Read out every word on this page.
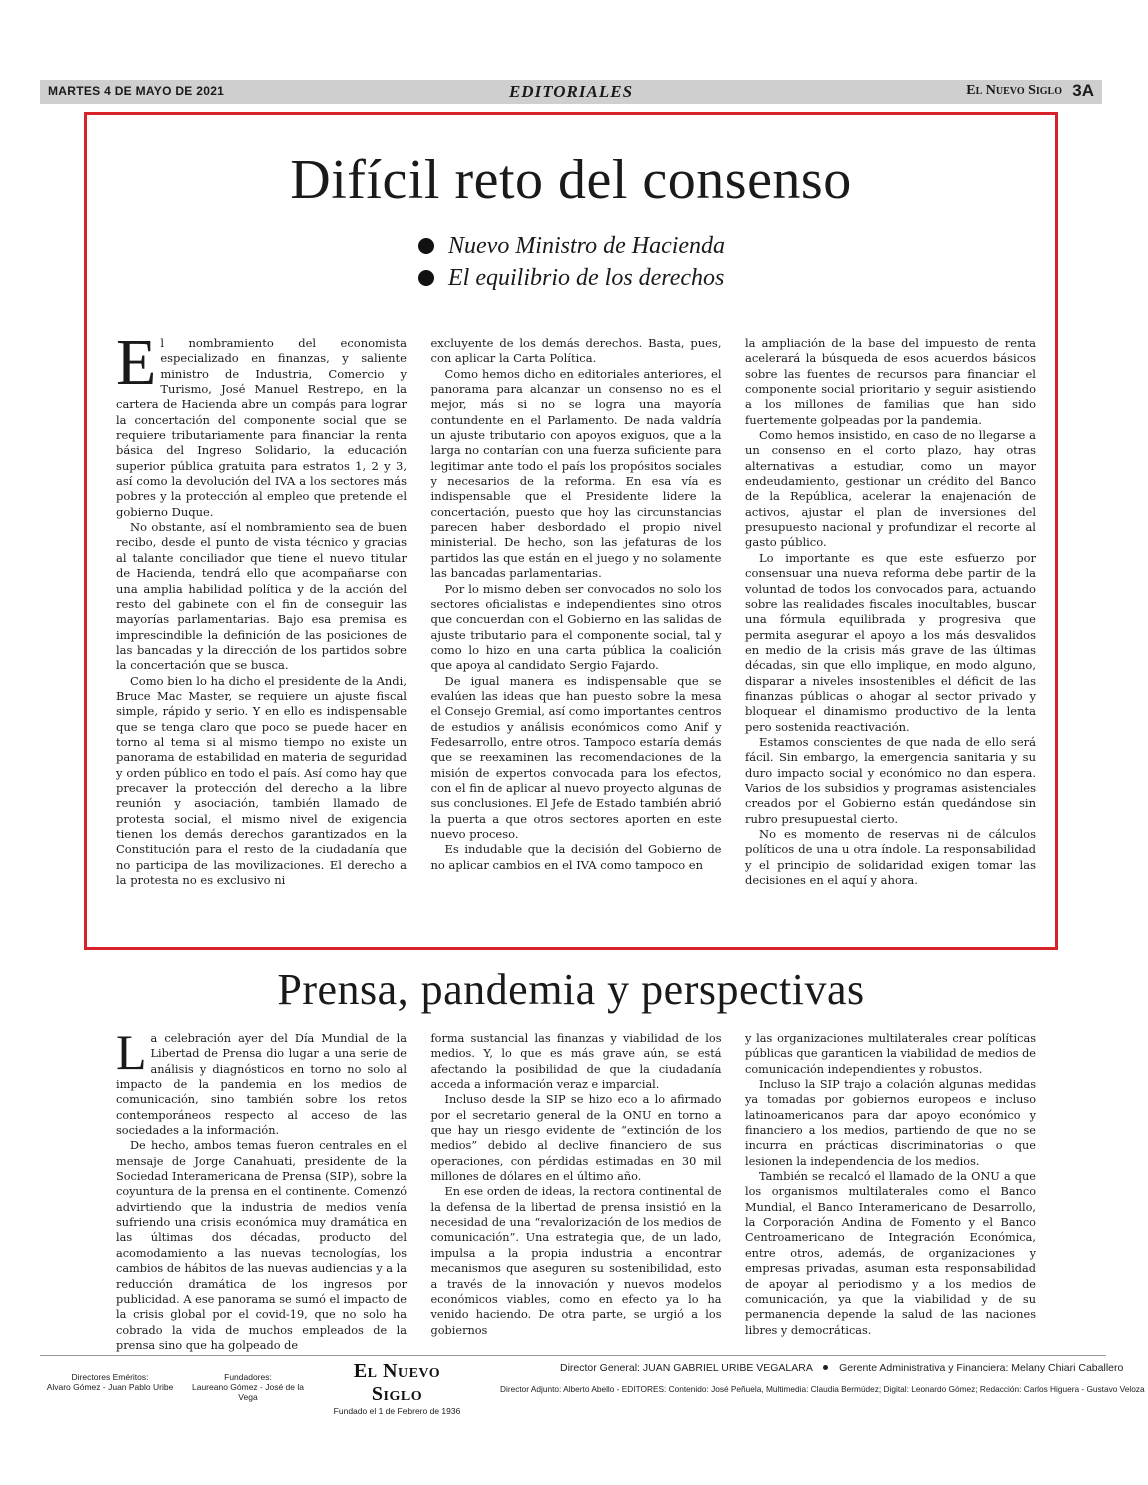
MARTES 4 DE MAYO DE 2021	EDITORIALES	El Nuevo Siglo 3A
Difícil reto del consenso
Nuevo Ministro de Hacienda
El equilibrio de los derechos
E l nombramiento del economista especializado en finanzas, y saliente ministro de Industria, Comercio y Turismo, José Manuel Restrepo, en la cartera de Hacienda abre un compás para lograr la concertación del componente social que se requiere tributariamente para financiar la renta básica del Ingreso Solidario, la educación superior pública gratuita para estratos 1, 2 y 3, así como la devolución del IVA a los sectores más pobres y la protección al empleo que pretende el gobierno Duque.

No obstante, así el nombramiento sea de buen recibo, desde el punto de vista técnico y gracias al talante conciliador que tiene el nuevo titular de Hacienda, tendrá ello que acompañarse con una amplia habilidad política y de la acción del resto del gabinete con el fin de conseguir las mayorías parlamentarias. Bajo esa premisa es imprescindible la definición de las posiciones de las bancadas y la dirección de los partidos sobre la concertación que se busca.

Como bien lo ha dicho el presidente de la Andi, Bruce Mac Master, se requiere un ajuste fiscal simple, rápido y serio. Y en ello es indispensable que se tenga claro que poco se puede hacer en torno al tema si al mismo tiempo no existe un panorama de estabilidad en materia de seguridad y orden público en todo el país. Así como hay que precaver la protección del derecho a la libre reunión y asociación, también llamado de protesta social, el mismo nivel de exigencia tienen los demás derechos garantizados en la Constitución para el resto de la ciudadanía que no participa de las movilizaciones. El derecho a la protesta no es exclusivo ni

excluyente de los demás derechos. Basta, pues, con aplicar la Carta Política.

Como hemos dicho en editoriales anteriores, el panorama para alcanzar un consenso no es el mejor, más si no se logra una mayoría contundente en el Parlamento. De nada valdría un ajuste tributario con apoyos exiguos, que a la larga no contarían con una fuerza suficiente para legitimar ante todo el país los propósitos sociales y necesarios de la reforma. En esa vía es indispensable que el Presidente lidere la concertación, puesto que hoy las circunstancias parecen haber desbordado el propio nivel ministerial. De hecho, son las jefaturas de los partidos las que están en el juego y no solamente las bancadas parlamentarias.

Por lo mismo deben ser convocados no solo los sectores oficialistas e independientes sino otros que concuerdan con el Gobierno en las salidas de ajuste tributario para el componente social, tal y como lo hizo en una carta pública la coalición que apoya al candidato Sergio Fajardo.

De igual manera es indispensable que se evalúen las ideas que han puesto sobre la mesa el Consejo Gremial, así como importantes centros de estudios y análisis económicos como Anif y Fedesarrollo, entre otros. Tampoco estaría demás que se reexaminen las recomendaciones de la misión de expertos convocada para los efectos, con el fin de aplicar al nuevo proyecto algunas de sus conclusiones. El Jefe de Estado también abrió la puerta a que otros sectores aporten en este nuevo proceso.

Es indudable que la decisión del Gobierno de no aplicar cambios en el IVA como tampoco en

la ampliación de la base del impuesto de renta acelerará la búsqueda de esos acuerdos básicos sobre las fuentes de recursos para financiar el componente social prioritario y seguir asistiendo a los millones de familias que han sido fuertemente golpeadas por la pandemia.

Como hemos insistido, en caso de no llegarse a un consenso en el corto plazo, hay otras alternativas a estudiar, como un mayor endeudamiento, gestionar un crédito del Banco de la República, acelerar la enajenación de activos, ajustar el plan de inversiones del presupuesto nacional y profundizar el recorte al gasto público.

Lo importante es que este esfuerzo por consensuar una nueva reforma debe partir de la voluntad de todos los convocados para, actuando sobre las realidades fiscales inocultables, buscar una fórmula equilibrada y progresiva que permita asegurar el apoyo a los más desvalidos en medio de la crisis más grave de las últimas décadas, sin que ello implique, en modo alguno, disparar a niveles insostenibles el déficit de las finanzas públicas o ahogar al sector privado y bloquear el dinamismo productivo de la lenta pero sostenida reactivación.

Estamos conscientes de que nada de ello será fácil. Sin embargo, la emergencia sanitaria y su duro impacto social y económico no dan espera. Varios de los subsidios y programas asistenciales creados por el Gobierno están quedándose sin rubro presupuestal cierto.

No es momento de reservas ni de cálculos políticos de una u otra índole. La responsabilidad y el principio de solidaridad exigen tomar las decisiones en el aquí y ahora.

Prensa, pandemia y perspectivas
L a celebración ayer del Día Mundial de la Libertad de Prensa dio lugar a una serie de análisis y diagnósticos en torno no solo al impacto de la pandemia en los medios de comunicación, sino también sobre los retos contemporáneos respecto al acceso de las sociedades a la información.

De hecho, ambos temas fueron centrales en el mensaje de Jorge Canahuati, presidente de la Sociedad Interamericana de Prensa (SIP), sobre la coyuntura de la prensa en el continente. Comenzó advirtiendo que la industria de medios venía sufriendo una crisis económica muy dramática en las últimas dos décadas, producto del acomodamiento a las nuevas tecnologías, los cambios de hábitos de las nuevas audiencias y a la reducción dramática de los ingresos por publicidad. A ese panorama se sumó el impacto de la crisis global por el covid-19, que no solo ha cobrado la vida de muchos empleados de la prensa sino que ha golpeado de

forma sustancial las finanzas y viabilidad de los medios. Y, lo que es más grave aún, se está afectando la posibilidad de que la ciudadanía acceda a información veraz e imparcial.

Incluso desde la SIP se hizo eco a lo afirmado por el secretario general de la ONU en torno a que hay un riesgo evidente de “extinción de los medios” debido al declive financiero de sus operaciones, con pérdidas estimadas en 30 mil millones de dólares en el último año.

En ese orden de ideas, la rectora continental de la defensa de la libertad de prensa insistió en la necesidad de una “revalorización de los medios de comunicación”. Una estrategia que, de un lado, impulsa a la propia industria a encontrar mecanismos que aseguren su sostenibilidad, esto a través de la innovación y nuevos modelos económicos viables, como en efecto ya lo ha venido haciendo. De otra parte, se urgió a los gobiernos

y las organizaciones multilaterales crear políticas públicas que garanticen la viabilidad de medios de comunicación independientes y robustos.

Incluso la SIP trajo a colación algunas medidas ya tomadas por gobiernos europeos e incluso latinoamericanos para dar apoyo económico y financiero a los medios, partiendo de que no se incurra en prácticas discriminatorias o que lesionen la independencia de los medios.

También se recalcó el llamado de la ONU a que los organismos multilaterales como el Banco Mundial, el Banco Interamericano de Desarrollo, la Corporación Andina de Fomento y el Banco Centroamericano de Integración Económica, entre otros, además, de organizaciones y empresas privadas, asuman esta responsabilidad de apoyar al periodismo y a los medios de comunicación, ya que la viabilidad y de su permanencia depende la salud de las naciones libres y democráticas.

Directores Eméritos:
Alvaro Gómez - Juan Pablo Uribe
Fundadores:
Laureano Gómez - José de la Vega
El Nuevo Siglo
Fundado el 1 de Febrero de 1936
Director General: JUAN GABRIEL URIBE VEGALARA	Gerente Administrativa y Financiera: Melany Chiari Caballero
Director Adjunto: Alberto Abello - EDITORES: Contenido: José Peñuela, Multimedia: Claudia Bermúdez; Digital: Leonardo Gómez; Redacción: Carlos Higuera - Gustavo Veloza
